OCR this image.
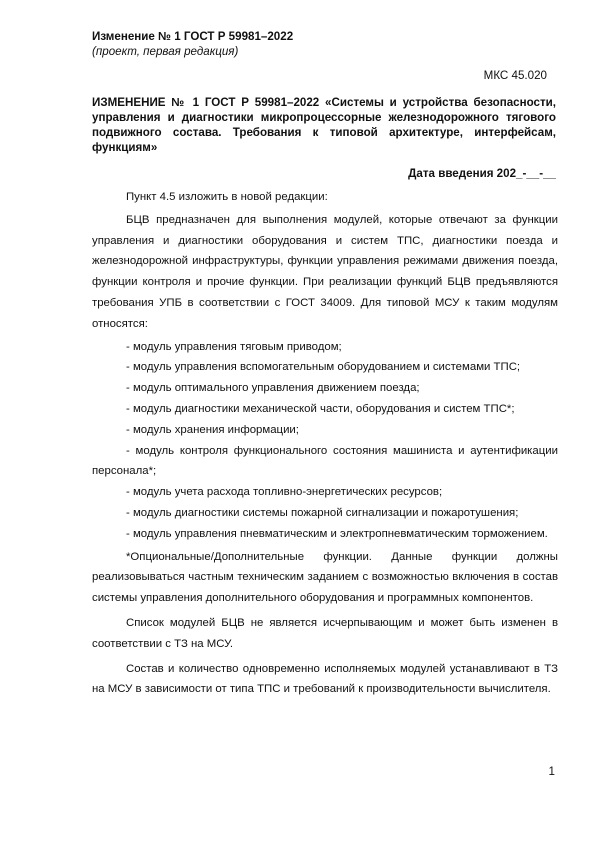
Изменение № 1 ГОСТ Р 59981–2022
(проект, первая редакция)
МКС 45.020
ИЗМЕНЕНИЕ № 1 ГОСТ Р 59981–2022 «Системы и устройства безопасности, управления и диагностики микропроцессорные железнодорожного тягового подвижного состава. Требования к типовой архитектуре, интерфейсам, функциям»
Дата введения 202_-__-__

Пункт 4.5 изложить в новой редакции:

БЦВ предназначен для выполнения модулей, которые отвечают за функции управления и диагностики оборудования и систем ТПС, диагностики поезда и железнодорожной инфраструктуры, функции управления режимами движения поезда, функции контроля и прочие функции. При реализации функций БЦВ предъявляются требования УПБ в соответствии с ГОСТ 34009. Для типовой МСУ к таким модулям относятся:

- модуль управления тяговым приводом;

- модуль управления вспомогательным оборудованием и системами ТПС;

- модуль оптимального управления движением поезда;

- модуль диагностики механической части, оборудования и систем ТПС*;

- модуль хранения информации;

- модуль контроля функционального состояния машиниста и аутентификации персонала*;

- модуль учета расхода топливно-энергетических ресурсов;

- модуль диагностики системы пожарной сигнализации и пожаротушения;

- модуль управления пневматическим и электропневматическим торможением.

*Опциональные/Дополнительные функции. Данные функции должны реализовываться частным техническим заданием с возможностью включения в состав системы управления дополнительного оборудования и программных компонентов.

Список модулей БЦВ не является исчерпывающим и может быть изменен в соответствии с ТЗ на МСУ.

Состав и количество одновременно исполняемых модулей устанавливают в ТЗ на МСУ в зависимости от типа ТПС и требований к производительности вычислителя.

1
